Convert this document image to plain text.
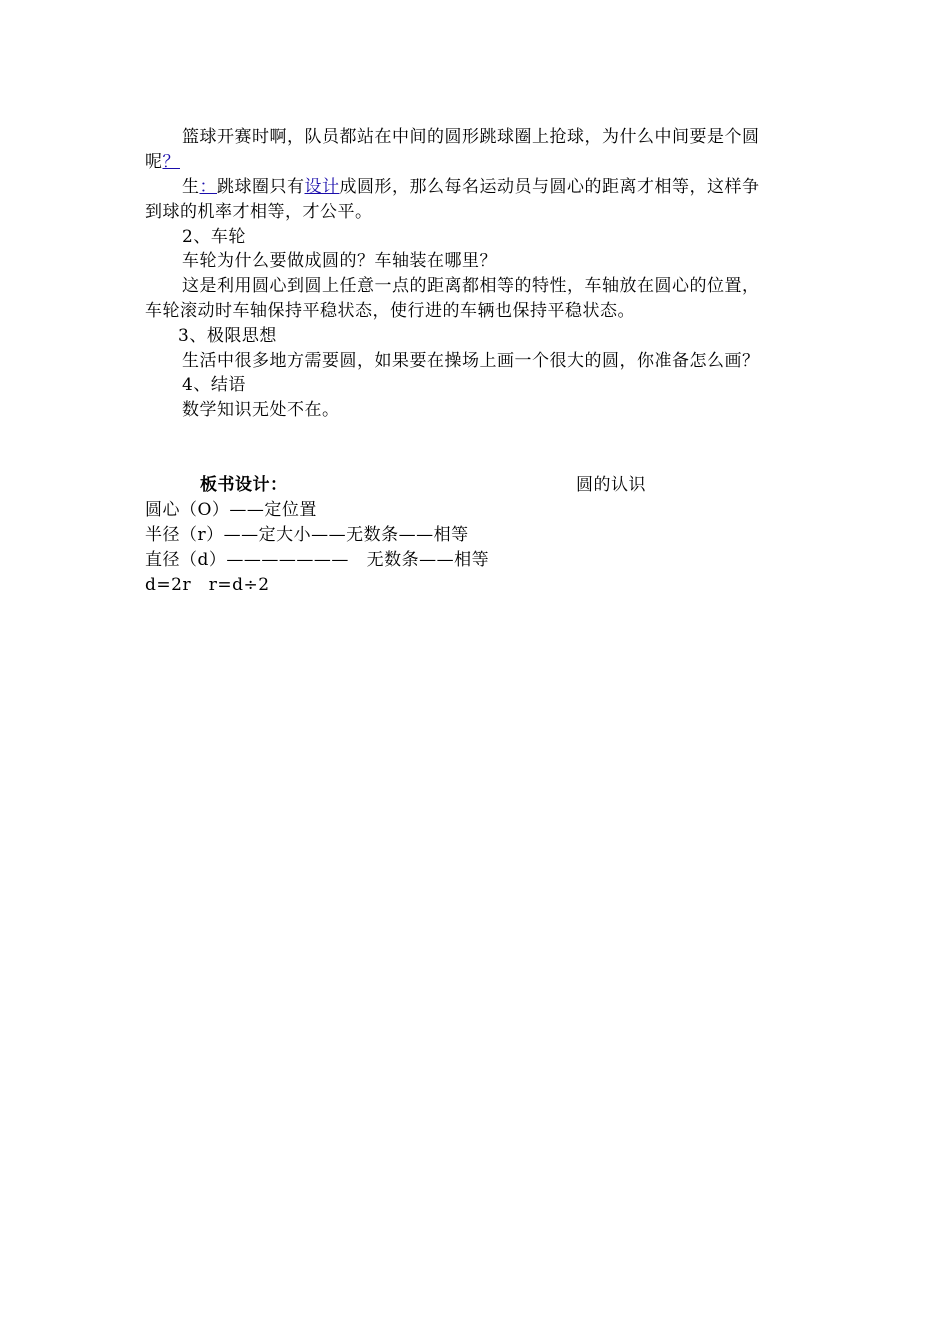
篮球开赛时啊，队员都站在中间的圆形跳球圈上抢球，为什么中间要是个圆
呢？
生：跳球圈只有设计成圆形，那么每名运动员与圆心的距离才相等，这样争
到球的机率才相等，才公平。
2、车轮
车轮为什么要做成圆的？车轴装在哪里？
这是利用圆心到圆上任意一点的距离都相等的特性，车轴放在圆心的位置，
车轮滚动时车轴保持平稳状态，使行进的车辆也保持平稳状态。
3、极限思想
生活中很多地方需要圆，如果要在操场上画一个很大的圆，你准备怎么画？
4、结语
数学知识无处不在。
板书设计：	圆的认识
圆心（O）——定位置
半径（r）——定大小——无数条——相等
直径（d）———————   无数条——相等
d=2r   r=d÷2
